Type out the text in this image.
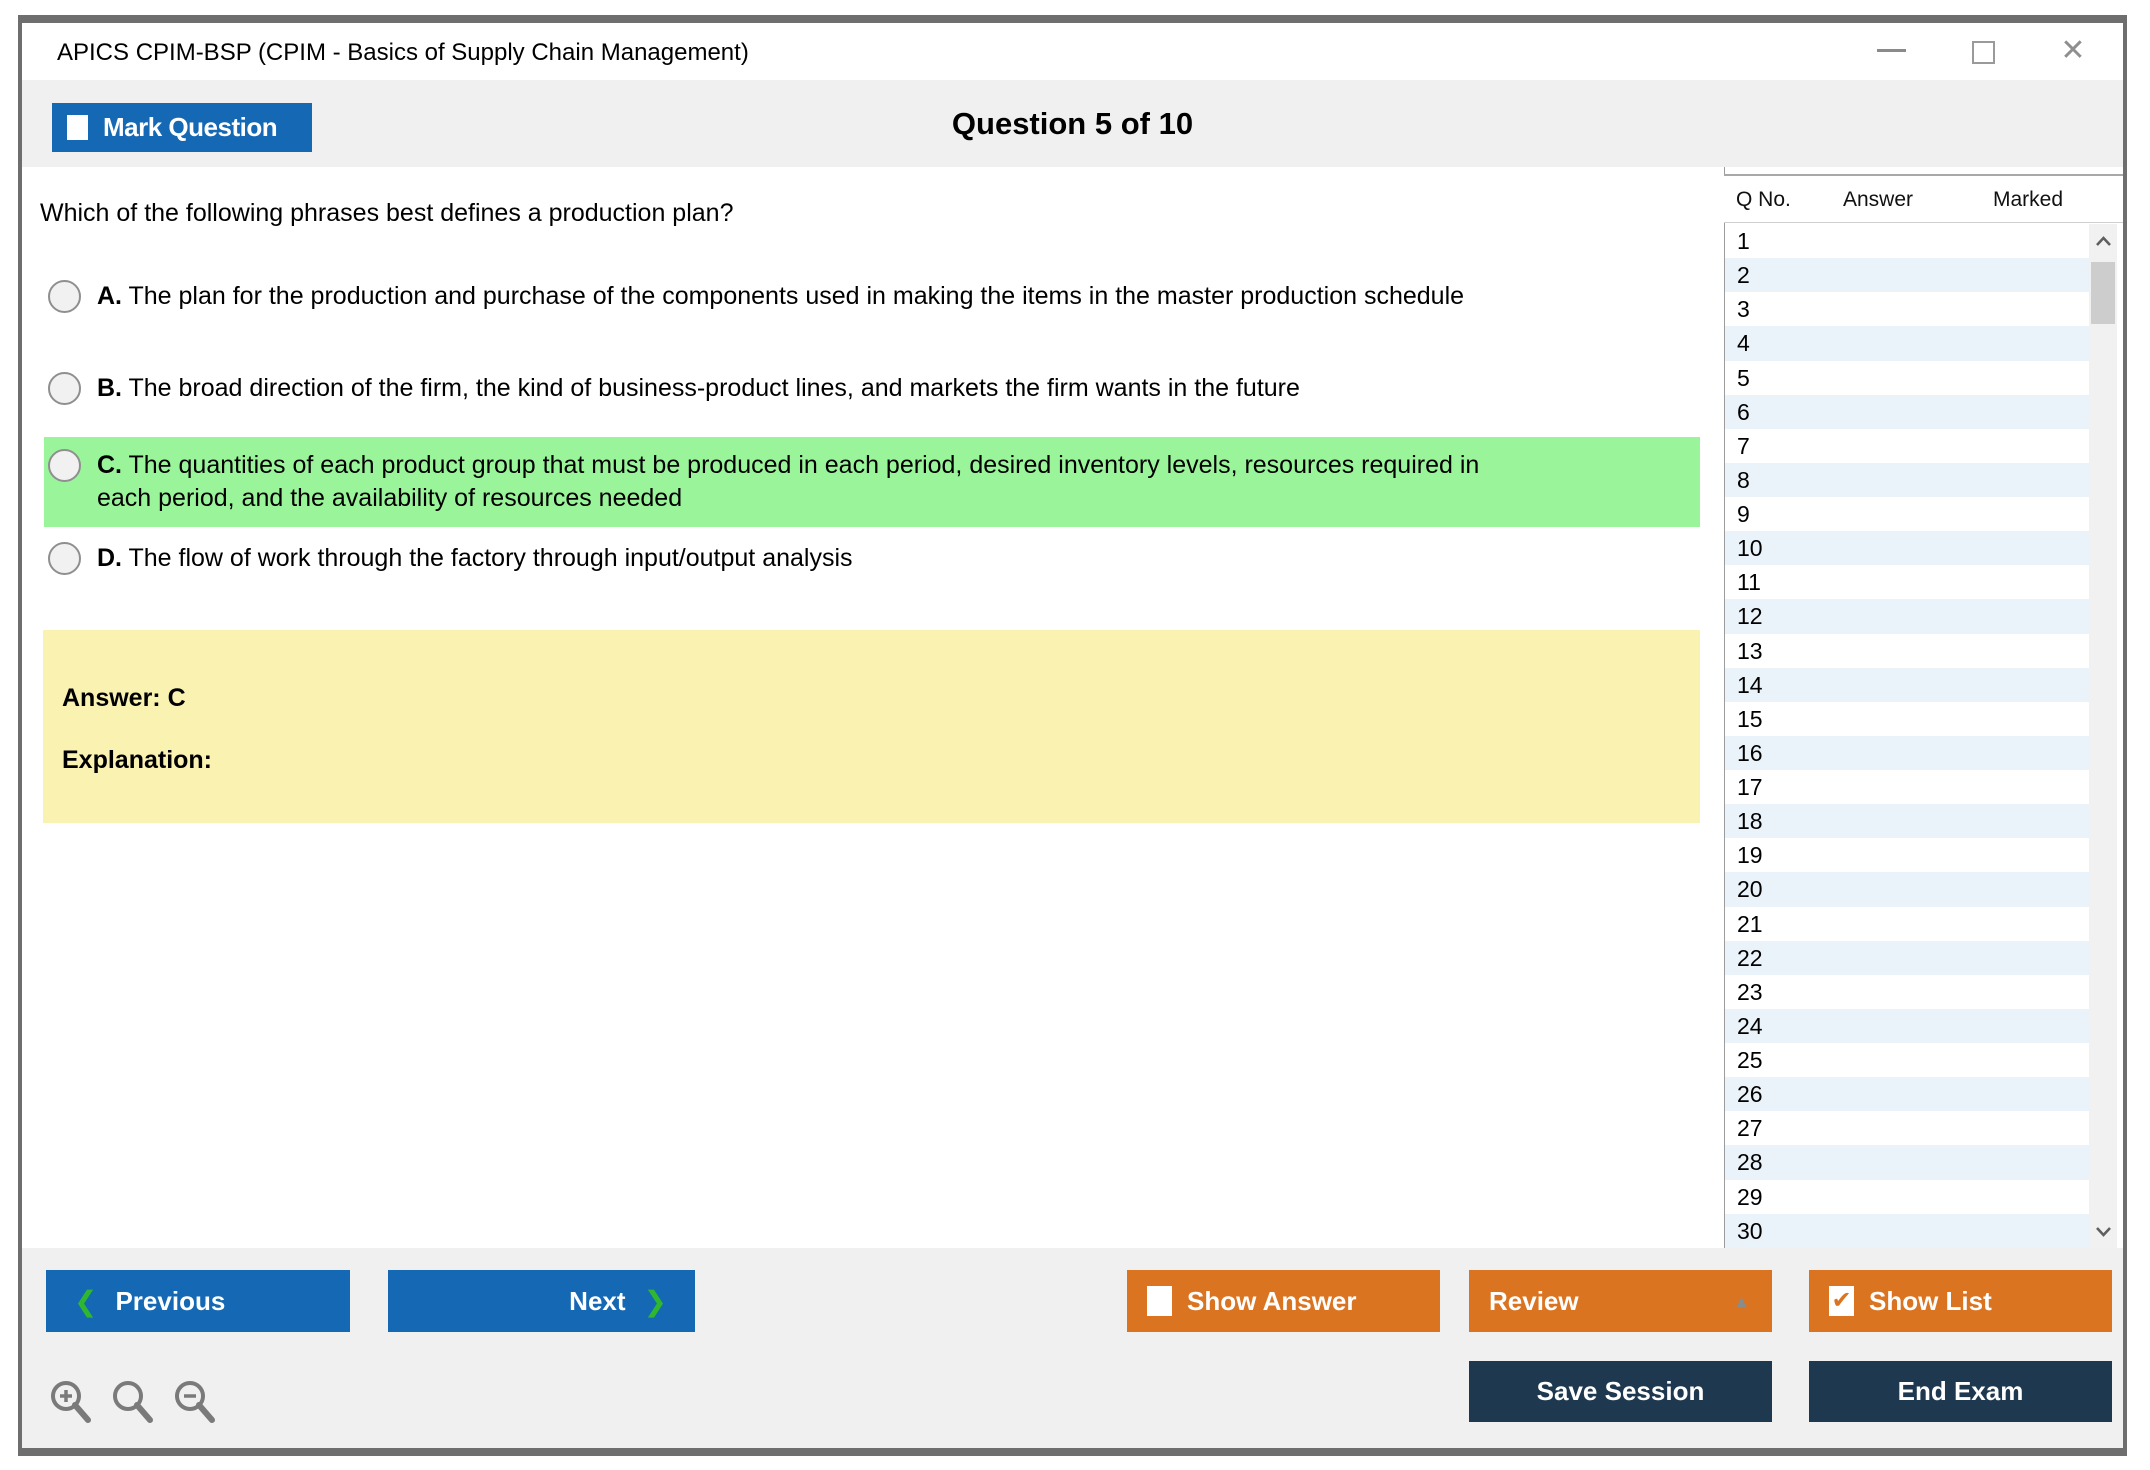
APICS CPIM-BSP (CPIM - Basics of Supply Chain Management)	✕
Mark Question	Question 5 of 10
Which of the following phrases best defines a production plan?
A. The plan for the production and purchase of the components used in making the items in the master production schedule
B. The broad direction of the firm, the kind of business-product lines, and markets the firm wants in the future
C. The quantities of each product group that must be produced in each period, desired inventory levels, resources required in each period, and the availability of resources needed
D. The flow of work through the factory through input/output analysis
Answer: C
Explanation:
Q No. Answer	Marked
1
2
3
4
5
6
7
8
9
10
11
12
13
14
15
16
17
18
19
20
21
22
23
24
25
26
27
28
29
30
❮ Previous	Next ❯	Show Answer	Review	▲	✔ Show List
Save Session	End Exam
